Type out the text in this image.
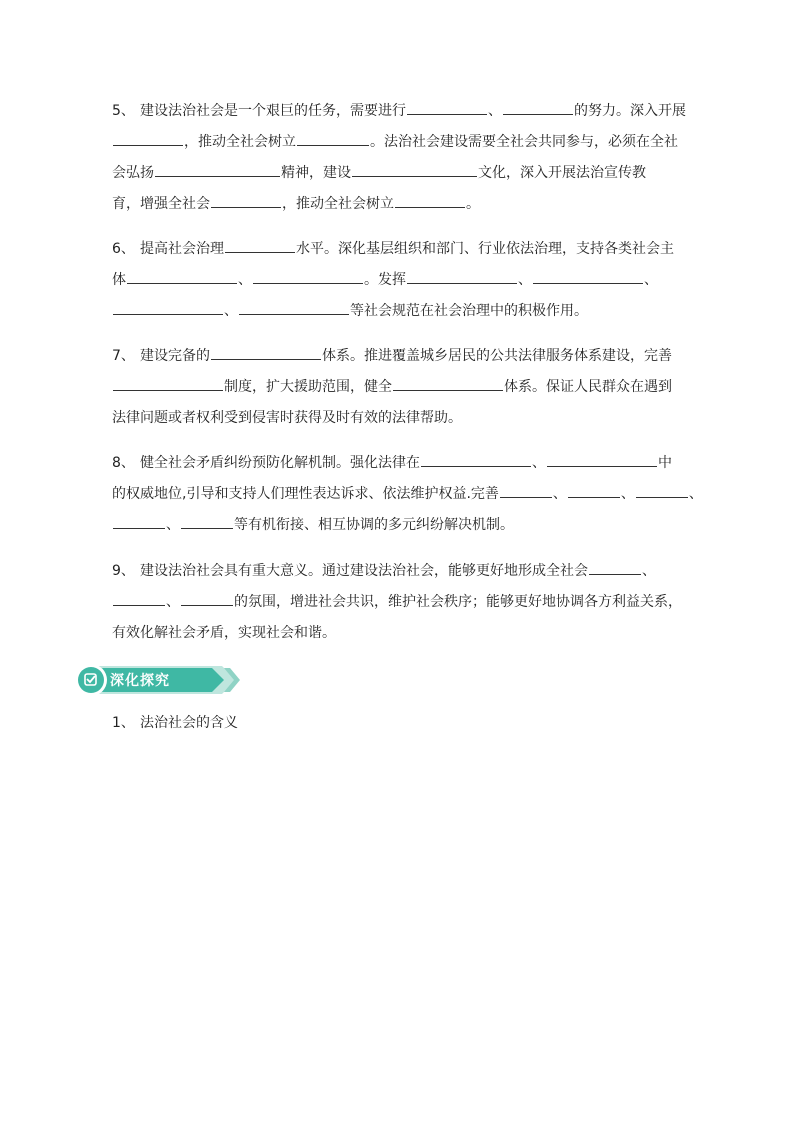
5、 建设法治社会是一个艰巨的任务，需要进行	、	的努力。深入开展
，推动全社会树立	。法治社会建设需要全社会共同参与，必须在全社
会弘扬	精神，建设	文化，深入开展法治宣传教
育，增强全社会	，推动全社会树立	。
6、 提高社会治理	水平。深化基层组织和部门、行业依法治理，支持各类社会主
体	、	。发挥	、	、
、	等社会规范在社会治理中的积极作用。
7、 建设完备的	体系。推进覆盖城乡居民的公共法律服务体系建设，完善
制度，扩大援助范围，健全	体系。保证人民群众在遇到
法律问题或者权利受到侵害时获得及时有效的法律帮助。
8、 健全社会矛盾纠纷预防化解机制。强化法律在	、	中
的权威地位,引导和支持人们理性表达诉求、依法维护权益.完善	、	、	、
、	等有机衔接、相互协调的多元纠纷解决机制。
9、 建设法治社会具有重大意义。通过建设法治社会，能够更好地形成全社会	、
、	的氛围，增进社会共识，维护社会秩序；能够更好地协调各方利益关系，
有效化解社会矛盾，实现社会和谐。
深化探究
1、 法治社会的含义
